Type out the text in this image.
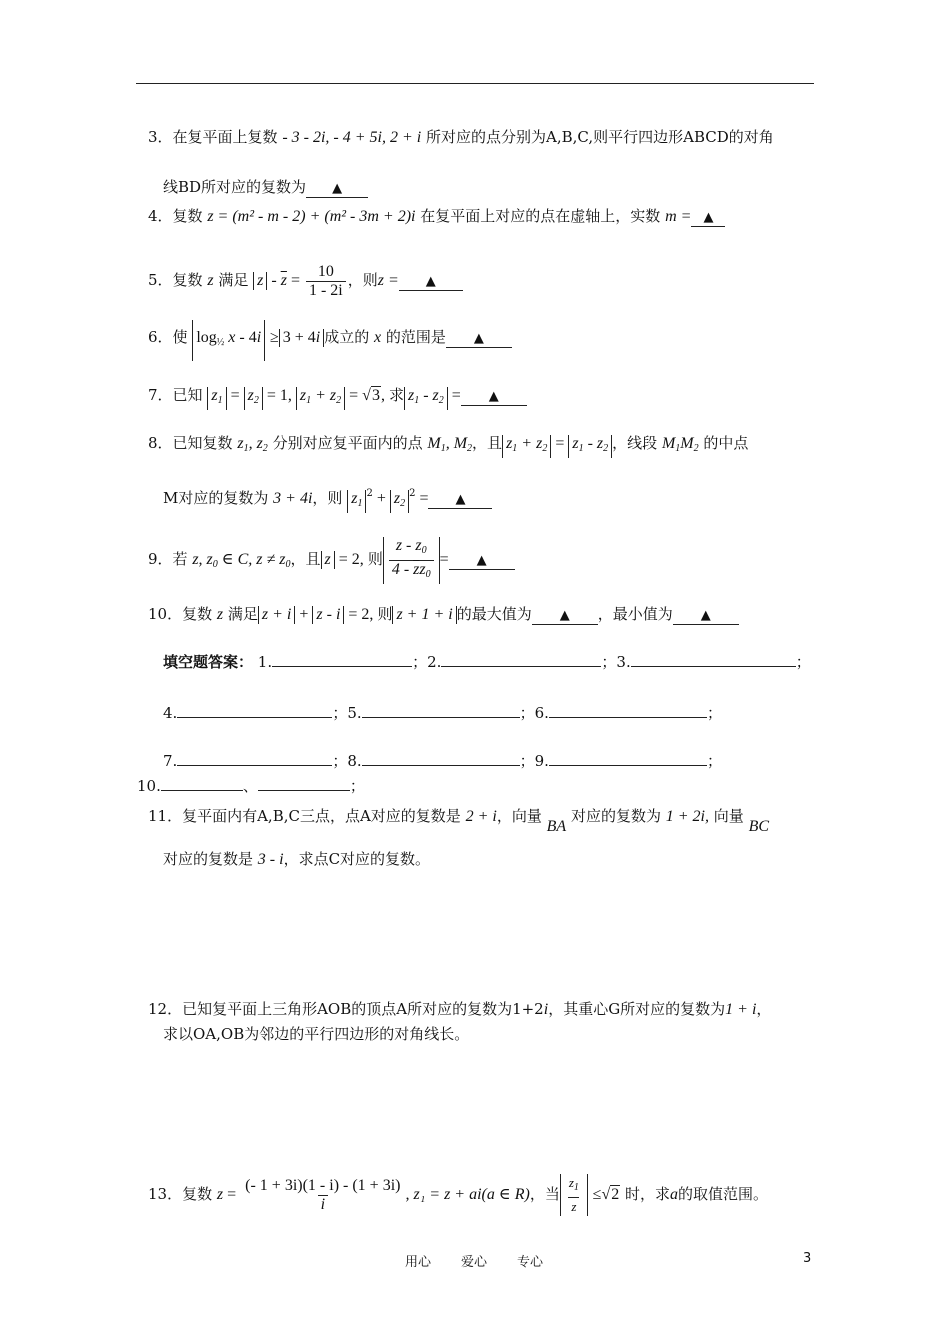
3．在复平面上复数 - 3 - 2i, - 4 + 5i, 2 + i 所对应的点分别为A,B,C,则平行四边形ABCD的对角
线BD所对应的复数为 ▲
4．复数 z = (m² - m - 2) + (m² - 3m + 2)i 在复平面上对应的点在虚轴上，实数 m = ▲
5．复数 z 满足 $z - \overline{z} = \frac{10}{1 - 2i}$ ，则z = ▲
6．使 $\log_{\frac{1}{2}} x - 4i \ge 3 + 4i$ 成立的 x 的范围是 ▲
7．已知 $z_1 = z_2 = 1$, $z_1 + z_2 = √3$, 求 $z_1 - z_2$ = ▲
8．已知复数 $z_1$, $z_2$ 分别对应复平面内的点 $M_1$, $M_2$，且 $z_1 + z_2 = z_1 - z_2$ ，线段 $M_1M_2$ 的中点
M对应的复数为 3 + 4i，则 $z_1^2 + z_2^2$ = ▲
9．若 z, $z_0$ ∈ C, $z \ne z_0$，且 z = 2, 则 $\frac{z - z_0}{4 - \overline{z}z_0}$ = ▲
10．复数 z 满足 z + i + z - i = 2, 则 z + 1 + i 的最大值为 ▲ ，最小值为 ▲
填空题答案： 1.	；2.	；3.	；
4.	；5.	；6.	；
7.	；8.	；9.	；
10.	、	；
11．复平面内有A,B,C三点，点A对应的复数是 2 + i，向量 BA 对应的复数为 1 + 2i, 向量 BC
对应的复数是 3 - i，求点C对应的复数。
12．已知复平面上三角形AOB的顶点A所对应的复数为1+2i，其重心G所对应的复数为1 + i，
求以OA,OB为邻边的平行四边形的对角线长。
13．复数 $z = \frac{(- 1 + 3i)(1 - i) - (1 + 3i)}{i}$ , z₁ = z + ai(a ∈ R)，当 $\frac{z_1}{z} \le√2$ 时，求a的取值范围。
用心 爱心 专心	3
